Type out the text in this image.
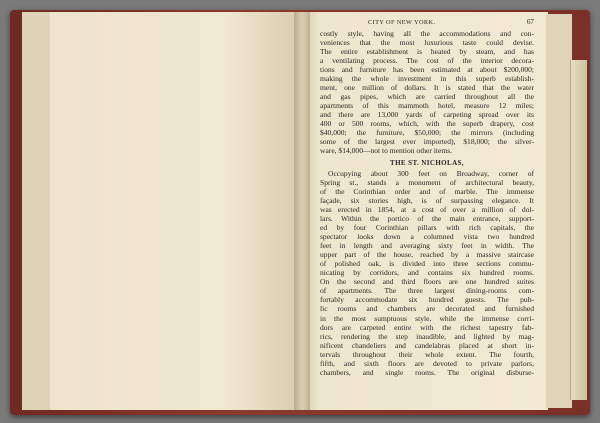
CITY OF NEW YORK.	67
costly style, having all the accommodations and con-
veniences that the most luxurious taste could devise.
The entire establishment is heated by steam, and has
a ventilating process. The cost of the interior decora-
tions and furniture has been estimated at about $200,000;
making the whole investment in this superb establish-
ment, one million of dollars. It is stated that the water
and gas pipes, which are carried throughout all the
apartments of this mammoth hotel, measure 12 miles;
and there are 13,000 yards of carpeting spread over its
400 or 500 rooms, which, with the superb drapery, cost
$40,000; the furniture, $50,000; the mirrors (including
some of the largest ever imported), $18,000; the silver-
ware, $14,000—not to mention other items.
THE ST. NICHOLAS,
Occupying about 300 feet on Broadway, corner of
Spring st., stands a monument of architectural beauty,
of the Corinthian order and of marble. The immense
façade, six stories high, is of surpassing elegance. It
was erected in 1854, at a cost of over a million of dol-
lars. Within the portico of the main entrance, support-
ed by four Corinthian pillars with rich capitals, the
spectator looks down a columned vista two hundred
feet in length and averaging sixty feet in width. The
upper part of the house, reached by a massive staircase
of polished oak, is divided into three sections commu-
nicating by corridors, and contains six hundred rooms.
On the second and third floors are one hundred suites
of apartments. The three largest dining-rooms com-
fortably accommodate six hundred guests. The pub-
lic rooms and chambers are decorated and furnished
in the most sumptuous style, while the immense corri-
dors are carpeted entire with the richest tapestry fab-
rics, rendering the step inaudible, and lighted by mag-
nificent chandeliers and candelabras placed at short in-
tervals throughout their whole extent. The fourth,
fifth, and sixth floors are devoted to private parlors,
chambers, and single rooms. The original disburse-
